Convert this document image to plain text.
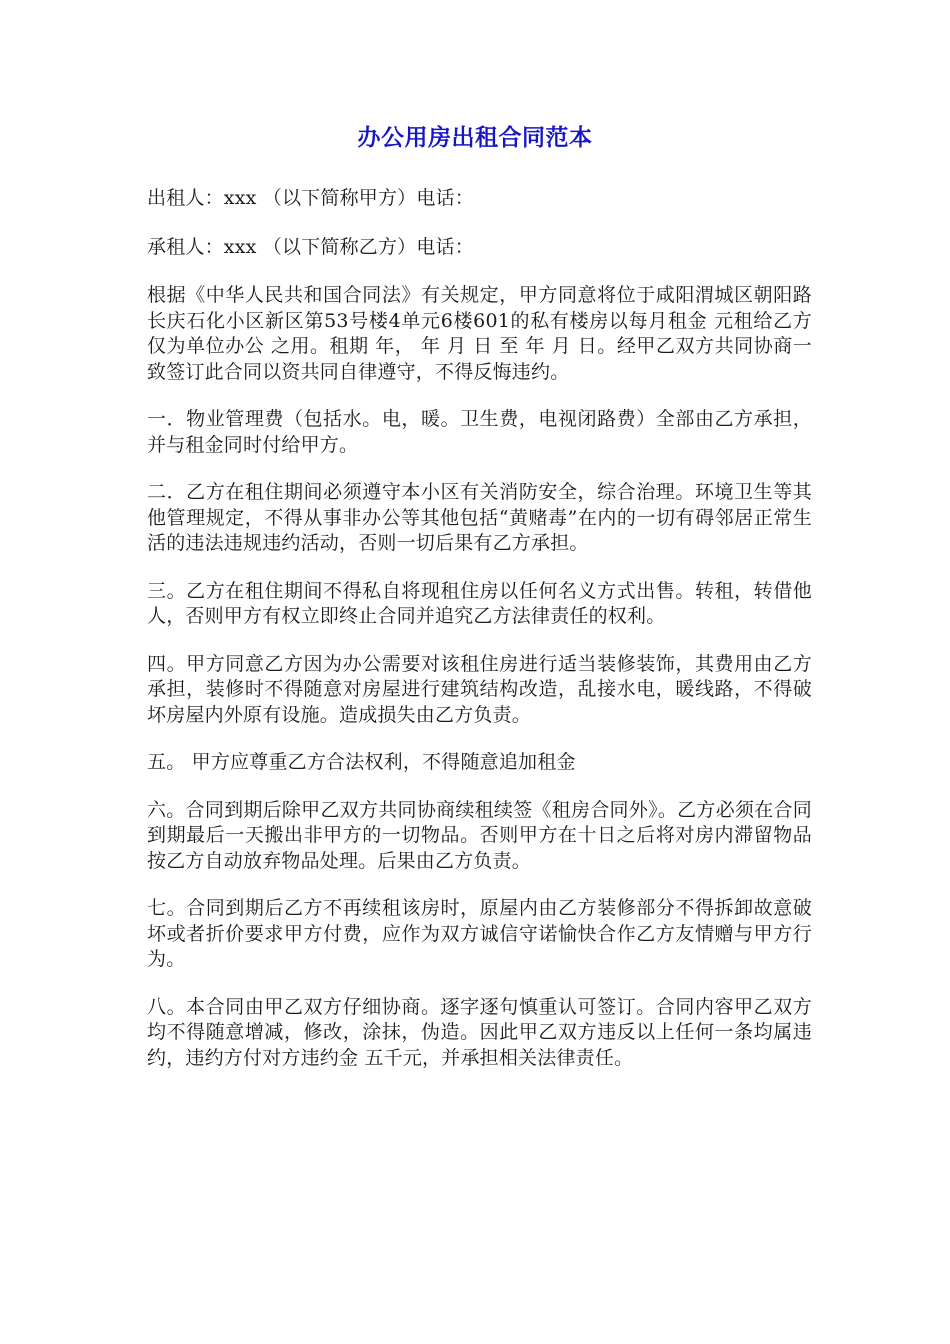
办公用房出租合同范本

出租人：xxx （以下简称甲方）电话：

承租人：xxx （以下简称乙方）电话：

根据《中华人民共和国合同法》有关规定，甲方同意将位于咸阳渭城区朝阳路长庆石化小区新区第53号楼4单元6楼601的私有楼房以每月租金 元租给乙方仅为单位办公 之用。租期 年， 年 月 日 至 年 月 日。经甲乙双方共同协商一致签订此合同以资共同自律遵守，不得反悔违约。

一．物业管理费（包括水。电，暖。卫生费，电视闭路费）全部由乙方承担，并与租金同时付给甲方。

二．乙方在租住期间必须遵守本小区有关消防安全，综合治理。环境卫生等其他管理规定，不得从事非办公等其他包括“黄赌毒”在内的一切有碍邻居正常生活的违法违规违约活动，否则一切后果有乙方承担。

三。乙方在租住期间不得私自将现租住房以任何名义方式出售。转租，转借他人，否则甲方有权立即终止合同并追究乙方法律责任的权利。

四。甲方同意乙方因为办公需要对该租住房进行适当装修装饰，其费用由乙方承担，装修时不得随意对房屋进行建筑结构改造，乱接水电，暖线路，不得破坏房屋内外原有设施。造成损失由乙方负责。

五。 甲方应尊重乙方合法权利，不得随意追加租金

六。合同到期后除甲乙双方共同协商续租续签《租房合同外》。乙方必须在合同到期最后一天搬出非甲方的一切物品。否则甲方在十日之后将对房内滞留物品按乙方自动放弃物品处理。后果由乙方负责。

七。合同到期后乙方不再续租该房时，原屋内由乙方装修部分不得拆卸故意破坏或者折价要求甲方付费，应作为双方诚信守诺愉快合作乙方友情赠与甲方行为。

八。本合同由甲乙双方仔细协商。逐字逐句慎重认可签订。合同内容甲乙双方均不得随意增减，修改，涂抹，伪造。因此甲乙双方违反以上任何一条均属违约，违约方付对方违约金 五千元，并承担相关法律责任。
